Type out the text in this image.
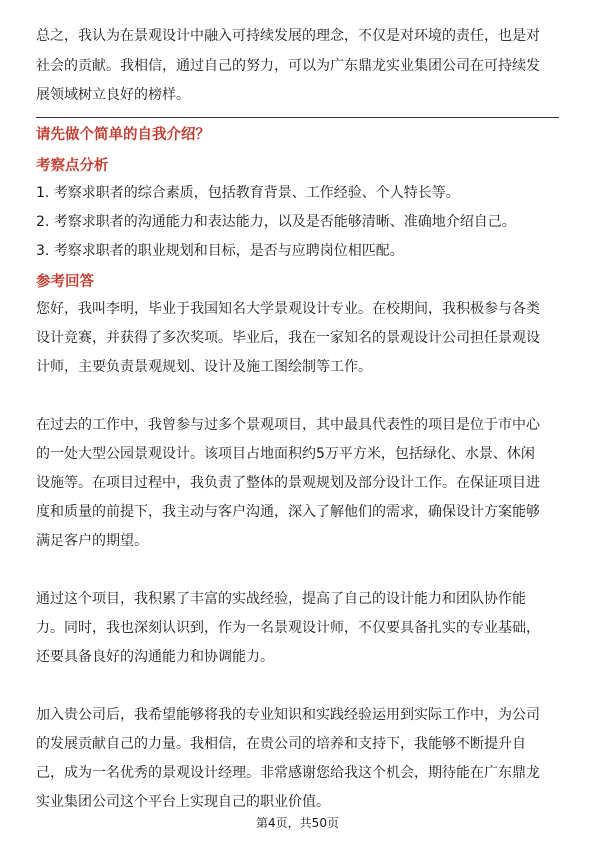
总之，我认为在景观设计中融入可持续发展的理念，不仅是对环境的责任，也是对
社会的贡献。我相信，通过自己的努力，可以为广东鼎龙实业集团公司在可持续发
展领域树立良好的榜样。
请先做个简单的自我介绍？
考察点分析
1. 考察求职者的综合素质，包括教育背景、工作经验、个人特长等。
2. 考察求职者的沟通能力和表达能力，以及是否能够清晰、准确地介绍自己。
3. 考察求职者的职业规划和目标，是否与应聘岗位相匹配。
参考回答
您好，我叫李明，毕业于我国知名大学景观设计专业。在校期间，我积极参与各类
设计竞赛，并获得了多次奖项。毕业后，我在一家知名的景观设计公司担任景观设
计师，主要负责景观规划、设计及施工图绘制等工作。
在过去的工作中，我曾参与过多个景观项目，其中最具代表性的项目是位于市中心
的一处大型公园景观设计。该项目占地面积约5万平方米，包括绿化、水景、休闲
设施等。在项目过程中，我负责了整体的景观规划及部分设计工作。在保证项目进
度和质量的前提下，我主动与客户沟通，深入了解他们的需求，确保设计方案能够
满足客户的期望。
通过这个项目，我积累了丰富的实战经验，提高了自己的设计能力和团队协作能
力。同时，我也深刻认识到，作为一名景观设计师，不仅要具备扎实的专业基础，
还要具备良好的沟通能力和协调能力。
加入贵公司后，我希望能够将我的专业知识和实践经验运用到实际工作中，为公司
的发展贡献自己的力量。我相信，在贵公司的培养和支持下，我能够不断提升自
己，成为一名优秀的景观设计经理。非常感谢您给我这个机会，期待能在广东鼎龙
实业集团公司这个平台上实现自己的职业价值。
第4页，共50页
